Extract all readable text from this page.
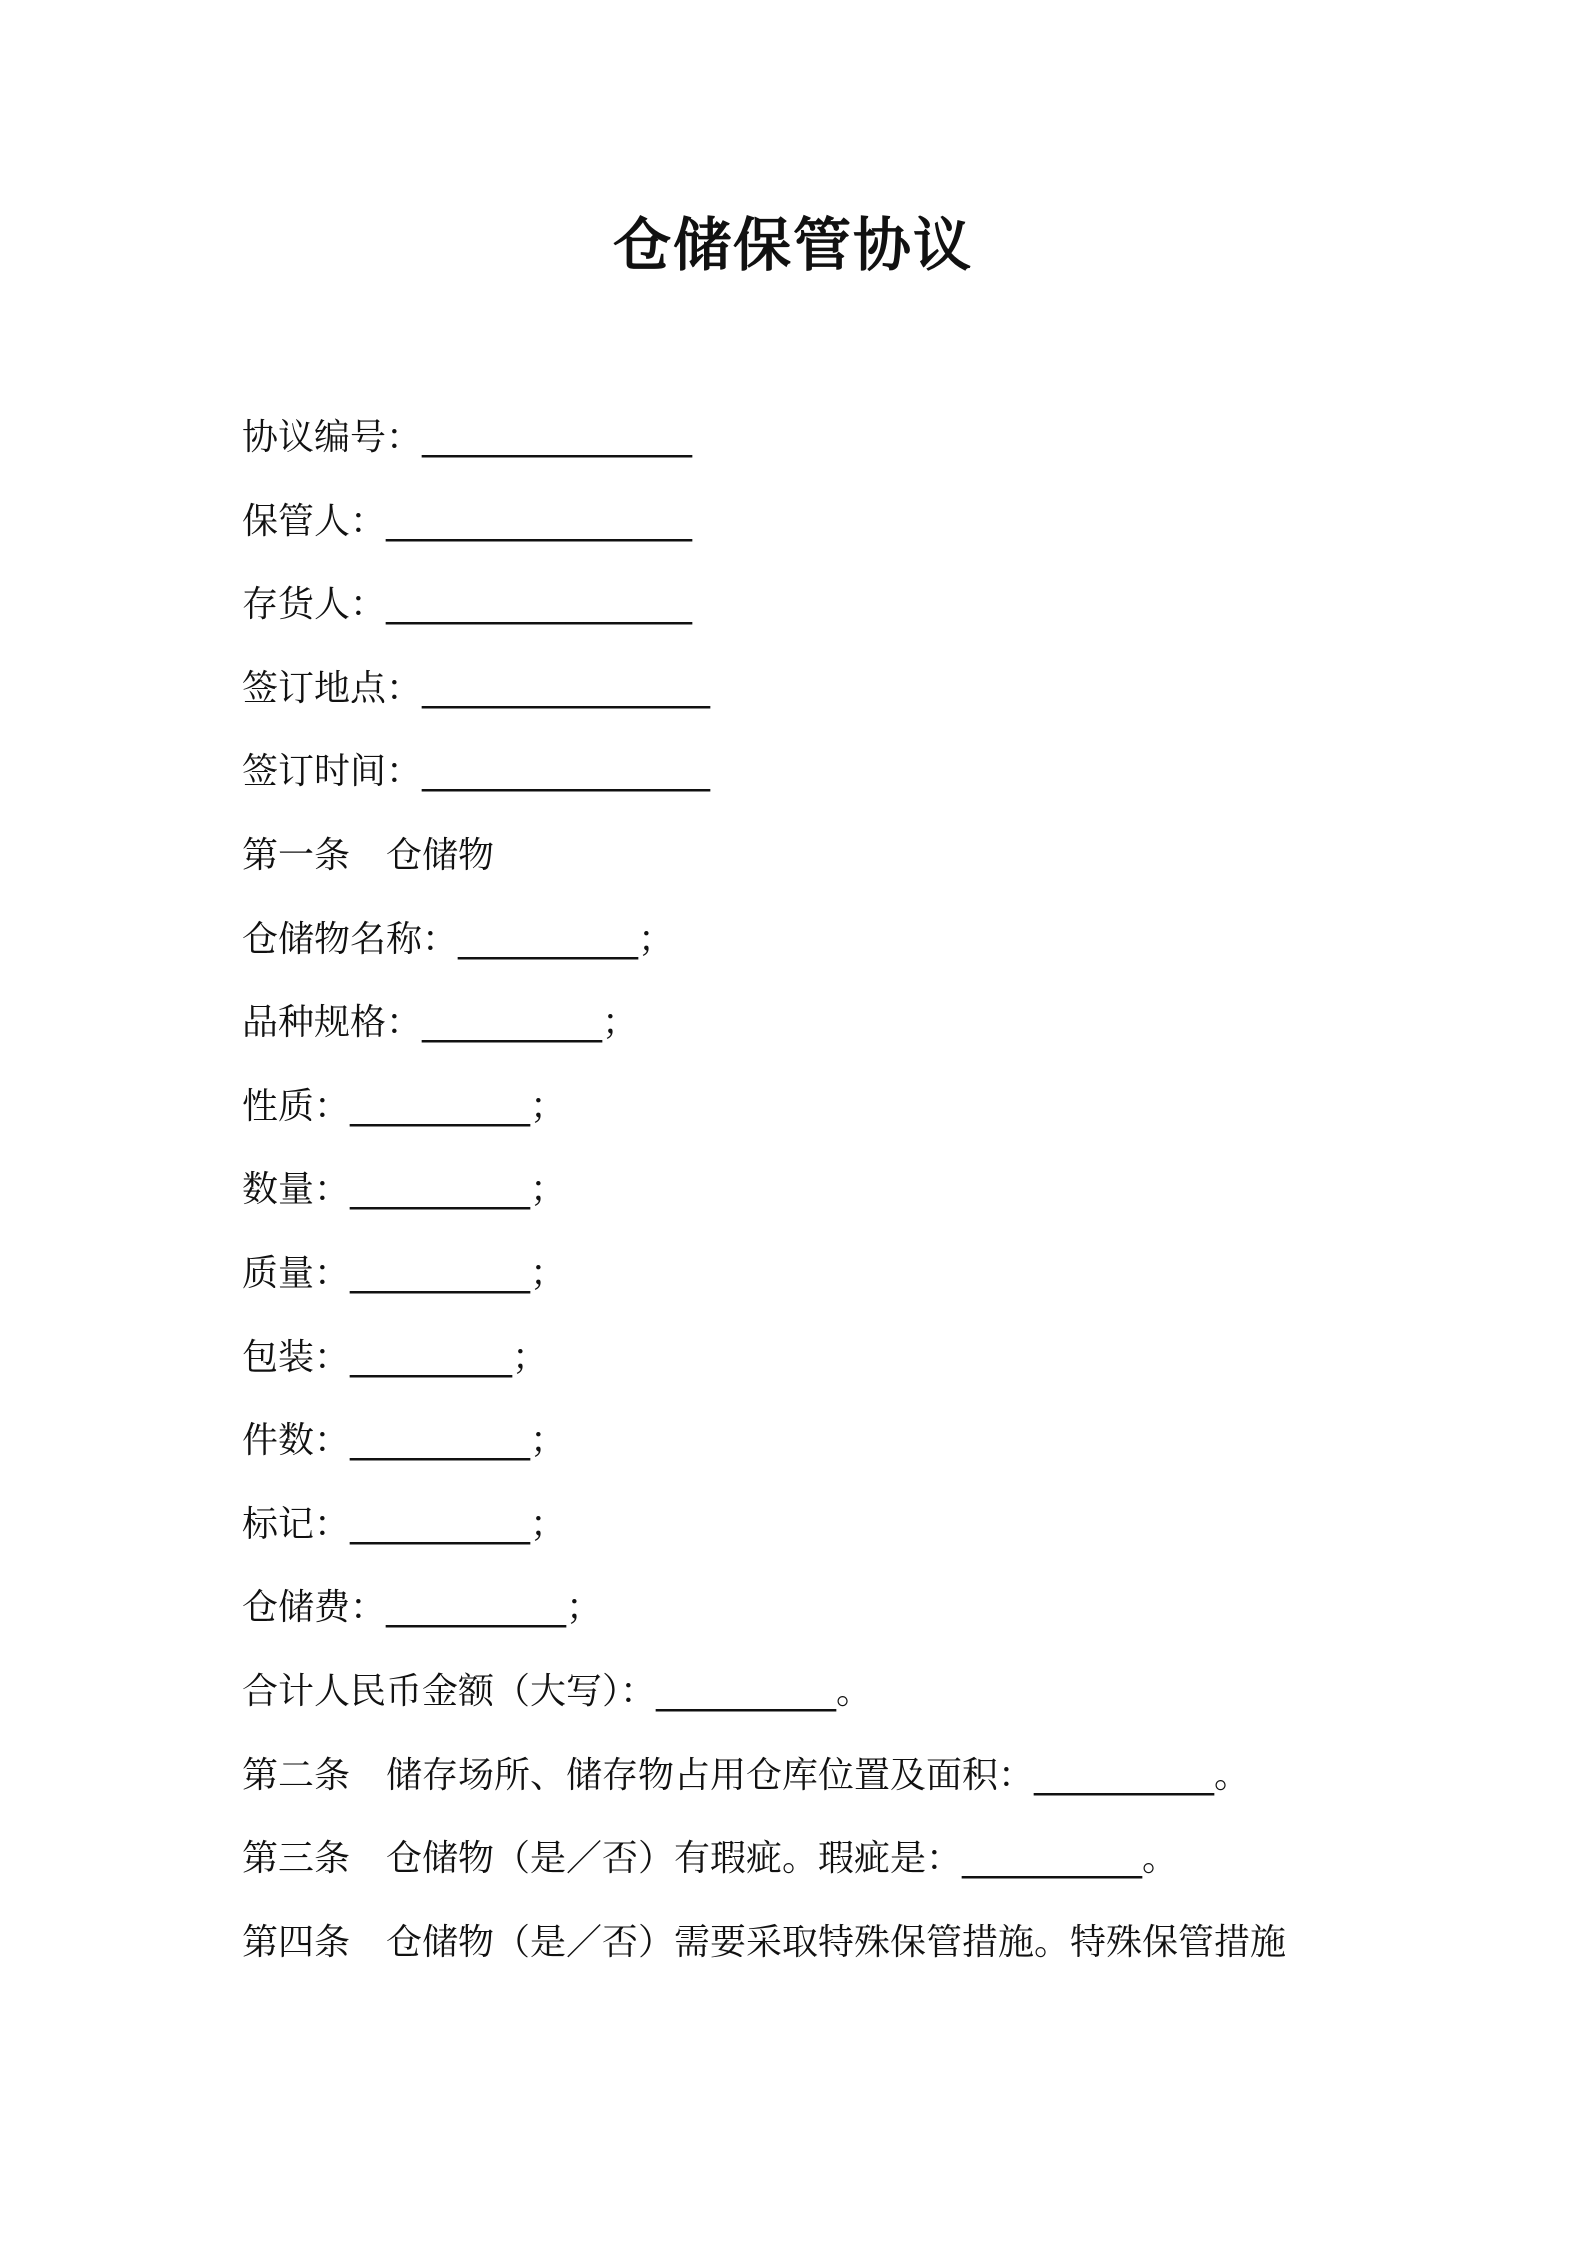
仓储保管协议
协议编号：_______________
保管人：_________________
存货人：_________________
签订地点：________________
签订时间：________________
第一条　仓储物
仓储物名称：__________；
品种规格：__________；
性质：__________；
数量：__________；
质量：__________；
包装：_________；
件数：__________；
标记：__________；
仓储费：__________；
合计人民币金额（大写）：__________。
第二条　储存场所、储存物占用仓库位置及面积：__________。
第三条　仓储物（是／否）有瑕疵。瑕疵是：__________。
第四条　仓储物（是／否）需要采取特殊保管措施。特殊保管措施
